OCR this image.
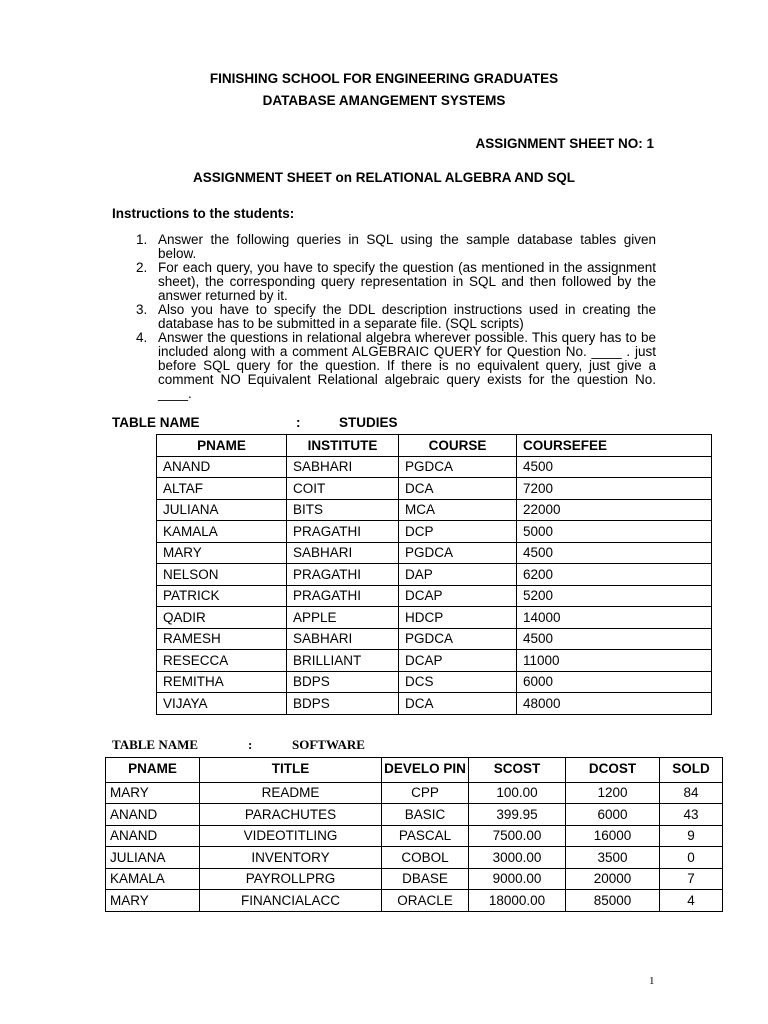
FINISHING SCHOOL FOR ENGINEERING GRADUATES
DATABASE AMANGEMENT SYSTEMS
ASSIGNMENT SHEET NO: 1
ASSIGNMENT SHEET on RELATIONAL ALGEBRA AND SQL
Instructions to the students:
1. Answer the following queries in SQL using the sample database tables given below.
2. For each query, you have to specify the question (as mentioned in the assignment sheet), the corresponding query representation in SQL and then followed by the answer returned by it.
3. Also you have to specify the DDL description instructions used in creating the database has to be submitted in a separate file. (SQL scripts)
4. Answer the questions in relational algebra wherever possible. This query has to be included along with a comment ALGEBRAIC QUERY for Question No. ____ . just before SQL query for the question. If there is no equivalent query, just give a comment NO Equivalent Relational algebraic query exists for the question No. ____.
TABLE NAME	:	STUDIES
PNAME	INSTITUTE	COURSE	COURSEFEE
ANAND	SABHARI	PGDCA	4500
ALTAF	COIT	DCA	7200
JULIANA	BITS	MCA	22000
KAMALA	PRAGATHI	DCP	5000
MARY	SABHARI	PGDCA	4500
NELSON	PRAGATHI	DAP	6200
PATRICK	PRAGATHI	DCAP	5200
QADIR	APPLE	HDCP	14000
RAMESH	SABHARI	PGDCA	4500
RESECCA	BRILLIANT	DCAP	11000
REMITHA	BDPS	DCS	6000
VIJAYA	BDPS	DCA	48000
TABLE NAME	:	SOFTWARE
PNAME	TITLE	DEVELO PIN	SCOST	DCOST	SOLD
MARY	README	CPP	100.00	1200	84
ANAND	PARACHUTES	BASIC	399.95	6000	43
ANAND	VIDEOTITLING	PASCAL	7500.00	16000	9
JULIANA	INVENTORY	COBOL	3000.00	3500	0
KAMALA	PAYROLLPRG	DBASE	9000.00	20000	7
MARY	FINANCIALACC	ORACLE	18000.00	85000	4
1
